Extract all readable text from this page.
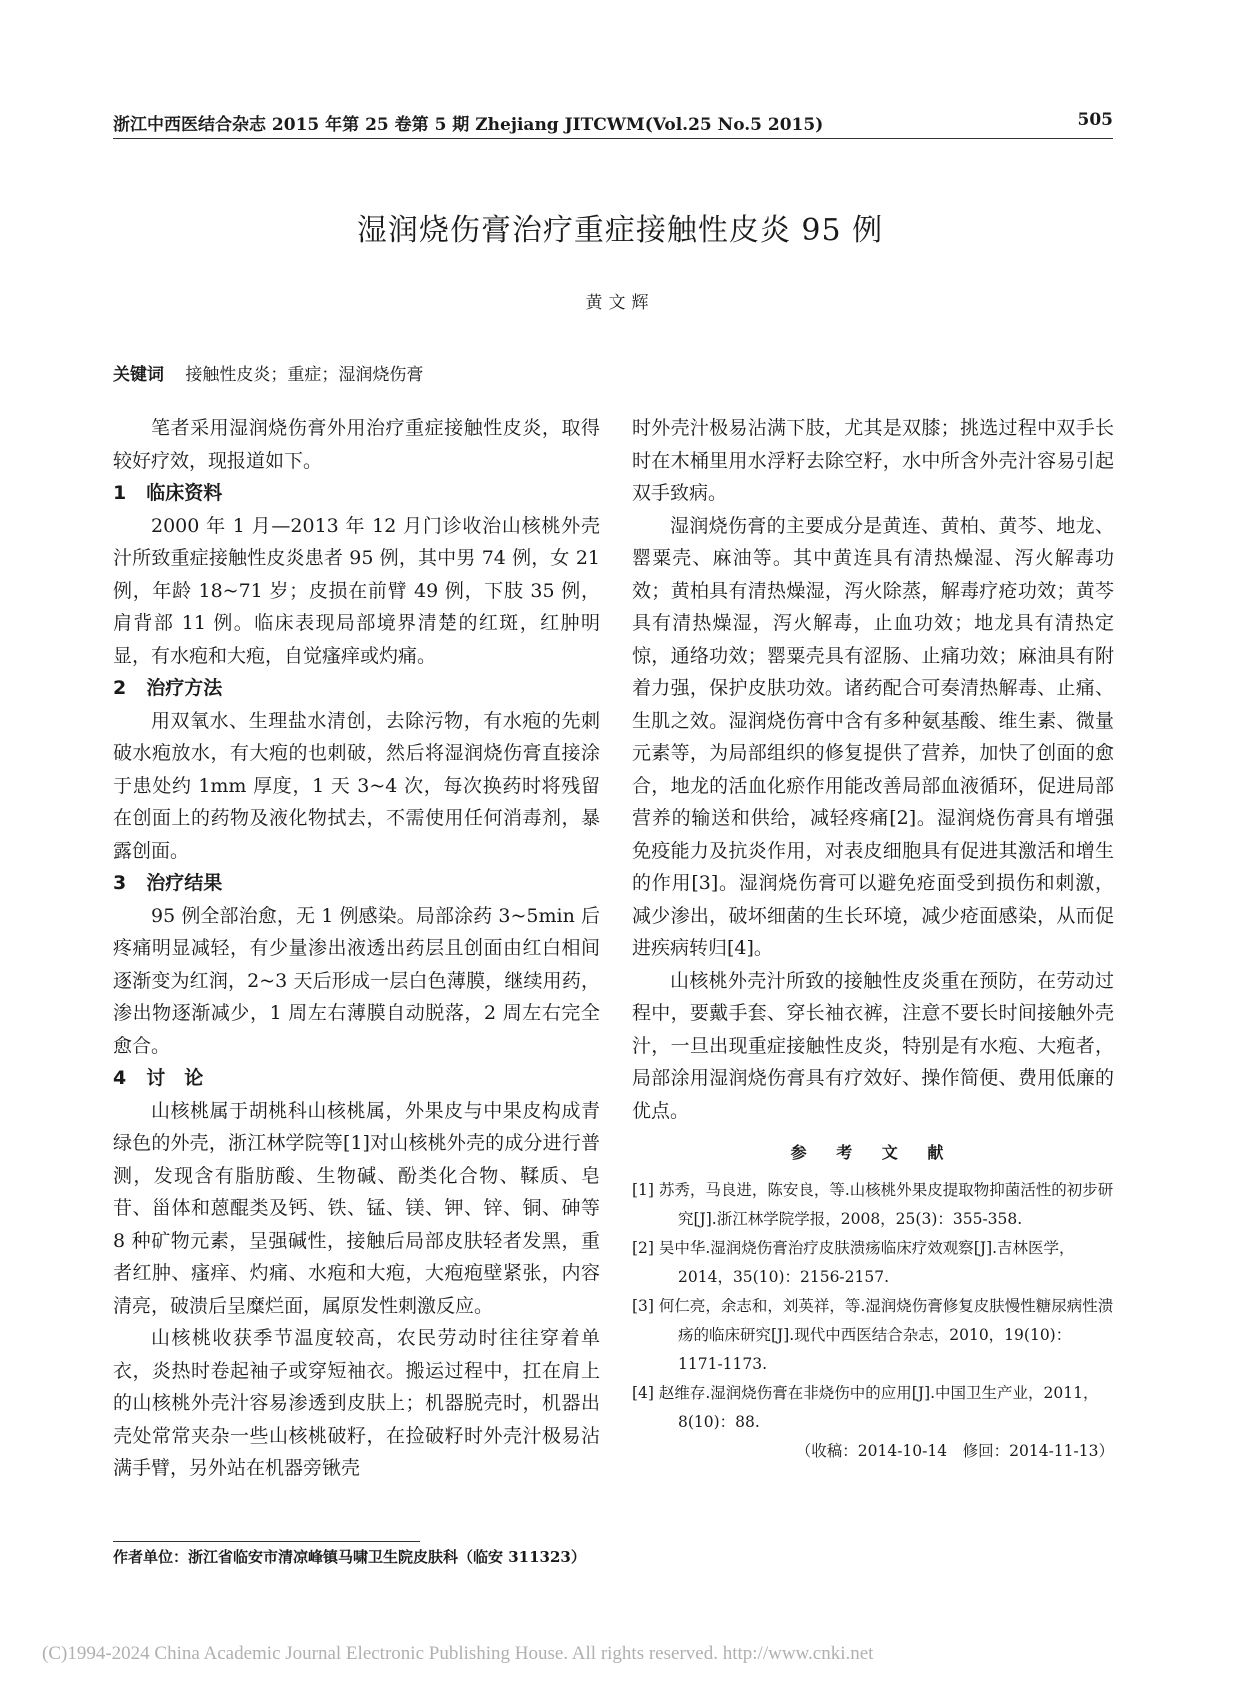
浙江中西医结合杂志 2015 年第 25 卷第 5 期 Zhejiang JITCWM(Vol.25 No.5 2015)	505
湿润烧伤膏治疗重症接触性皮炎 95 例
黄文辉
关键词 接触性皮炎；重症；湿润烧伤膏

笔者采用湿润烧伤膏外用治疗重症接触性皮炎，取得较好疗效，现报道如下。

1 临床资料

2000 年 1 月—2013 年 12 月门诊收治山核桃外壳汁所致重症接触性皮炎患者 95 例，其中男 74 例，女 21 例，年龄 18~71 岁；皮损在前臂 49 例，下肢 35 例，肩背部 11 例。临床表现局部境界清楚的红斑，红肿明显，有水疱和大疱，自觉瘙痒或灼痛。

2 治疗方法

用双氧水、生理盐水清创，去除污物，有水疱的先刺破水疱放水，有大疱的也刺破，然后将湿润烧伤膏直接涂于患处约 1mm 厚度，1 天 3~4 次，每次换药时将残留在创面上的药物及液化物拭去，不需使用任何消毒剂，暴露创面。

3 治疗结果

95 例全部治愈，无 1 例感染。局部涂药 3~5min 后疼痛明显减轻，有少量渗出液透出药层且创面由红白相间逐渐变为红润，2~3 天后形成一层白色薄膜，继续用药，渗出物逐渐减少，1 周左右薄膜自动脱落，2 周左右完全愈合。

4 讨　论

山核桃属于胡桃科山核桃属，外果皮与中果皮构成青绿色的外壳，浙江林学院等[1]对山核桃外壳的成分进行普测，发现含有脂肪酸、生物碱、酚类化合物、鞣质、皂苷、甾体和蒽醌类及钙、铁、锰、镁、钾、锌、铜、砷等 8 种矿物元素，呈强碱性，接触后局部皮肤轻者发黑，重者红肿、瘙痒、灼痛、水疱和大疱，大疱疱壁紧张，内容清亮，破溃后呈糜烂面，属原发性刺激反应。

山核桃收获季节温度较高，农民劳动时往往穿着单衣，炎热时卷起袖子或穿短袖衣。搬运过程中，扛在肩上的山核桃外壳汁容易渗透到皮肤上；机器脱壳时，机器出壳处常常夹杂一些山核桃破籽，在捡破籽时外壳汁极易沾满手臂，另外站在机器旁锹壳

时外壳汁极易沾满下肢，尤其是双膝；挑选过程中双手长时在木桶里用水浮籽去除空籽，水中所含外壳汁容易引起双手致病。

湿润烧伤膏的主要成分是黄连、黄柏、黄芩、地龙、罂粟壳、麻油等。其中黄连具有清热燥湿、泻火解毒功效；黄柏具有清热燥湿，泻火除蒸，解毒疗疮功效；黄芩具有清热燥湿，泻火解毒，止血功效；地龙具有清热定惊，通络功效；罂粟壳具有涩肠、止痛功效；麻油具有附着力强，保护皮肤功效。诸药配合可奏清热解毒、止痛、生肌之效。湿润烧伤膏中含有多种氨基酸、维生素、微量元素等，为局部组织的修复提供了营养，加快了创面的愈合，地龙的活血化瘀作用能改善局部血液循环，促进局部营养的输送和供给，减轻疼痛[2]。湿润烧伤膏具有增强免疫能力及抗炎作用，对表皮细胞具有促进其激活和增生的作用[3]。湿润烧伤膏可以避免疮面受到损伤和刺激，减少渗出，破坏细菌的生长环境，减少疮面感染，从而促进疾病转归[4]。

山核桃外壳汁所致的接触性皮炎重在预防，在劳动过程中，要戴手套、穿长袖衣裤，注意不要长时间接触外壳汁，一旦出现重症接触性皮炎，特别是有水疱、大疱者，局部涂用湿润烧伤膏具有疗效好、操作简便、费用低廉的优点。

参 考 文 献
[1] 苏秀，马良进，陈安良，等.山核桃外果皮提取物抑菌活性的初步研究[J].浙江林学院学报，2008，25(3)：355-358.
[2] 吴中华.湿润烧伤膏治疗皮肤溃疡临床疗效观察[J].吉林医学，2014，35(10)：2156-2157.
[3] 何仁亮，余志和，刘英祥，等.湿润烧伤膏修复皮肤慢性糖尿病性溃疡的临床研究[J].现代中西医结合杂志，2010，19(10)：1171-1173.
[4] 赵维存.湿润烧伤膏在非烧伤中的应用[J].中国卫生产业，2011，8(10)：88.
（收稿：2014-10-14　修回：2014-11-13）
作者单位：浙江省临安市清凉峰镇马啸卫生院皮肤科（临安 311323）
(C)1994-2024 China Academic Journal Electronic Publishing House. All rights reserved. http://www.cnki.net
